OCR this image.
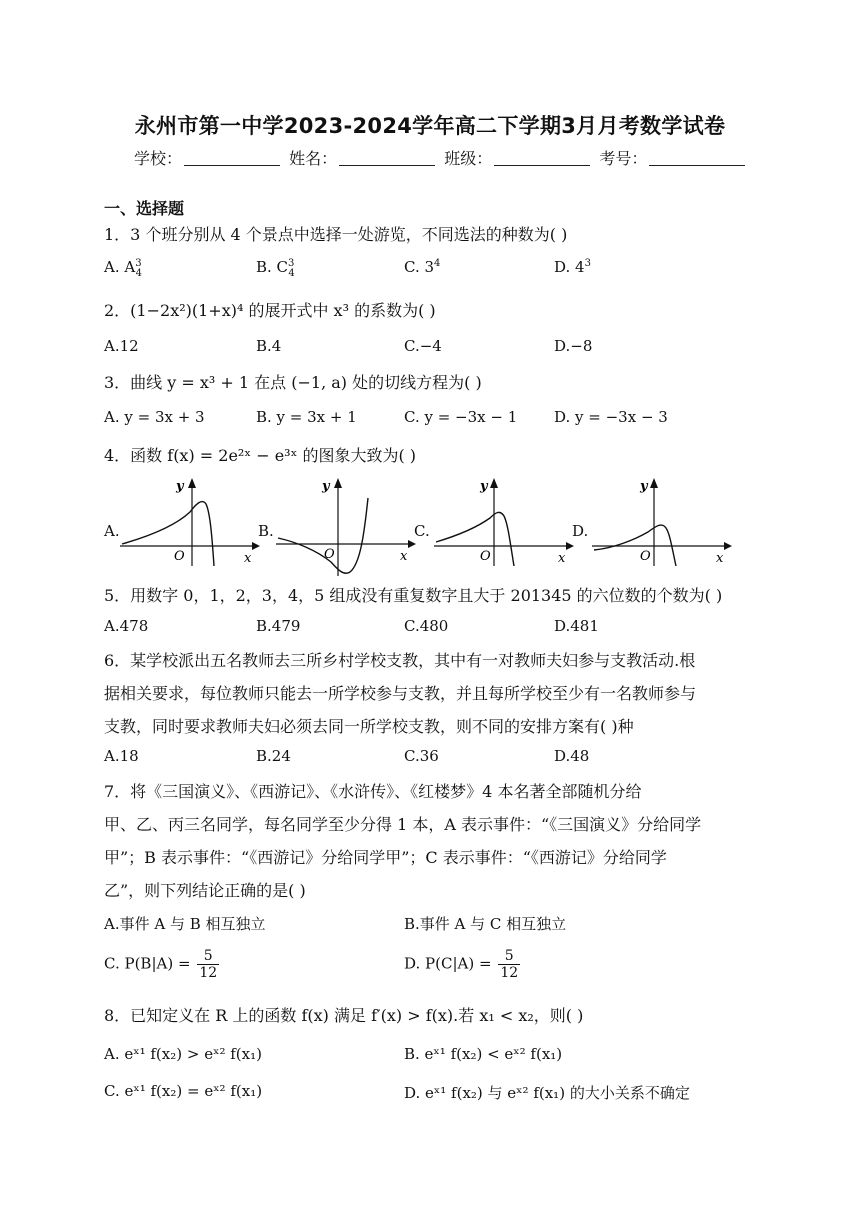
永州市第一中学2023-2024学年高二下学期3月月考数学试卷
学校：	姓名：	班级：	考号：
一、选择题
1．3 个班分别从 4 个景点中选择一处游览，不同选法的种数为( )
A. $A^3_4$	B. $C^3_4$	C. $3^4$	D. $4^3$
2．(1−2x²)(1+x)⁴ 的展开式中 x³ 的系数为( )
A.12	B.4	C.−4	D.−8
3．曲线 y = x³ + 1 在点 (−1, a) 处的切线方程为( )
A. y = 3x + 3	B. y = 3x + 1	C. y = −3x − 1 D. y = −3x − 3
4．函数 f(x) = 2e²ˣ − e³ˣ 的图象大致为( )
A.	B.	C.	D.
O	x
y
O	x
y
O	x
y
O	x
y
5．用数字 0，1，2，3，4，5 组成没有重复数字且大于 201345 的六位数的个数为( )
A.478	B.479	C.480	D.481
6．某学校派出五名教师去三所乡村学校支教，其中有一对教师夫妇参与支教活动.根
据相关要求，每位教师只能去一所学校参与支教，并且每所学校至少有一名教师参与
支教，同时要求教师夫妇必须去同一所学校支教，则不同的安排方案有( )种
A.18	B.24	C.36	D.48
7．将《三国演义》、《西游记》、《水浒传》、《红楼梦》4 本名著全部随机分给
甲、乙、丙三名同学，每名同学至少分得 1 本，A 表示事件：“《三国演义》分给同学
甲”；B 表示事件：“《西游记》分给同学甲”；C 表示事件：“《西游记》分给同学
乙”，则下列结论正确的是( )
A.事件 A 与 B 相互独立	B.事件 A 与 C 相互独立
C. $P(B|A) = \frac{5}{12}$	D. $P(C|A) = \frac{5}{12}$
8．已知定义在 R 上的函数 f(x) 满足 f′(x) > f(x).若 x₁ < x₂，则( )
A. eˣ¹ f(x₂) > eˣ² f(x₁)	B. eˣ¹ f(x₂) < eˣ² f(x₁)
C. eˣ¹ f(x₂) = eˣ² f(x₁)	D. eˣ¹ f(x₂) 与 eˣ² f(x₁) 的大小关系不确定
